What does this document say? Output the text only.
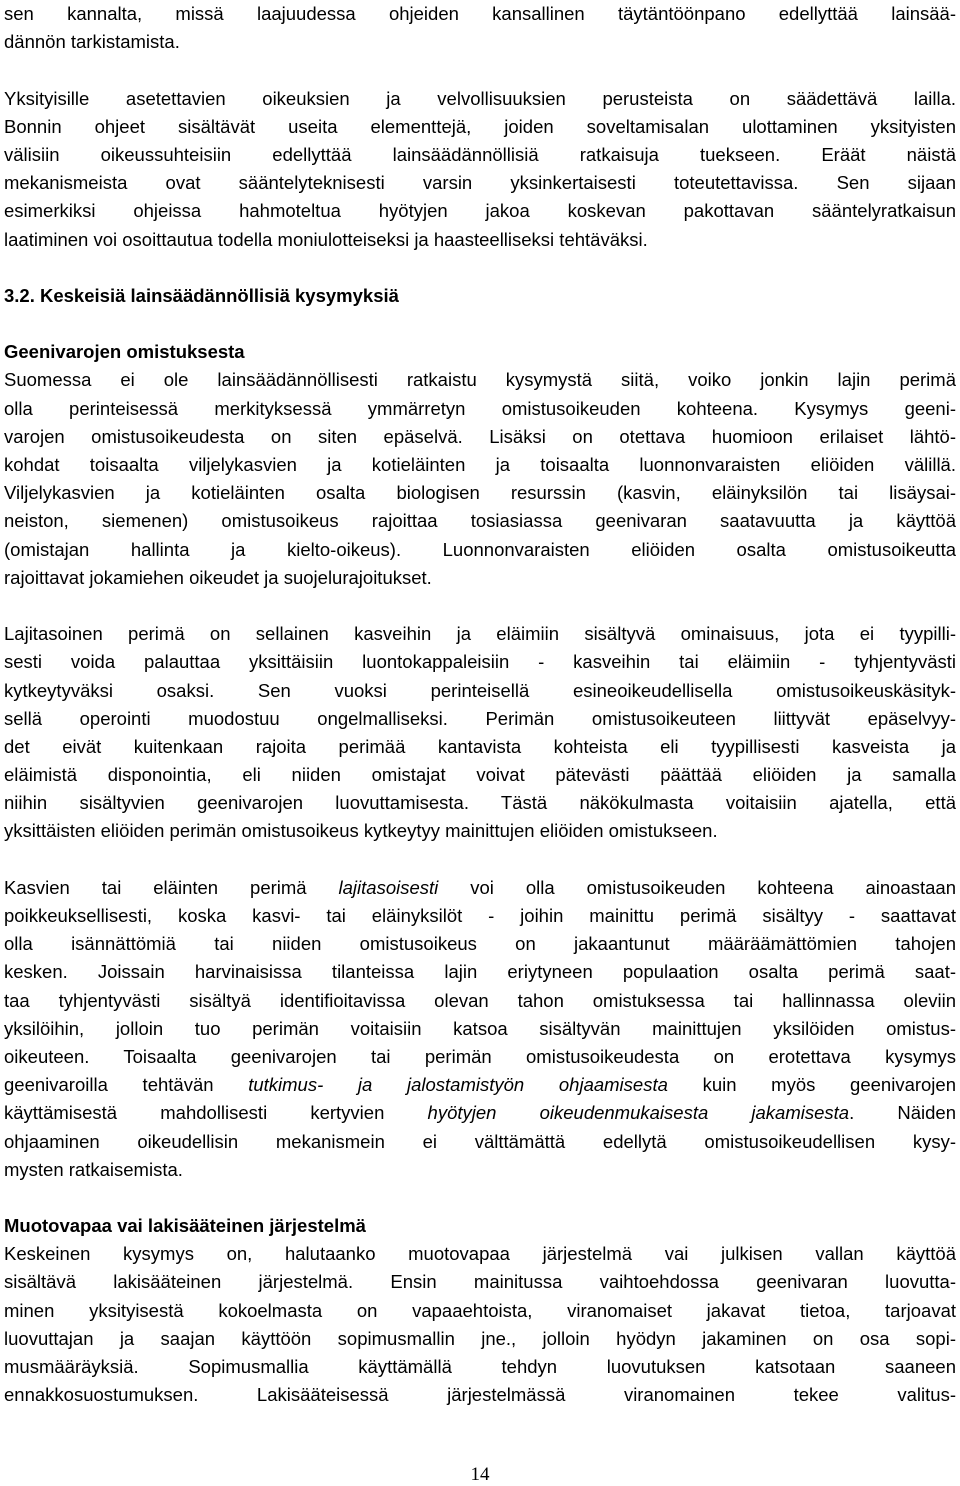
sen kannalta, missä laajuudessa ohjeiden kansallinen täytäntöönpano edellyttää lainsää-
dännön tarkistamista.
Yksityisille asetettavien oikeuksien ja velvollisuuksien perusteista on säädettävä lailla.
Bonnin ohjeet sisältävät useita elementtejä, joiden soveltamisalan ulottaminen yksityisten
välisiin oikeussuhteisiin edellyttää lainsäädännöllisiä ratkaisuja tuekseen. Eräät näistä
mekanismeista ovat sääntelyteknisesti varsin yksinkertaisesti toteutettavissa. Sen sijaan
esimerkiksi ohjeissa hahmoteltua hyötyjen jakoa koskevan pakottavan sääntelyratkaisun
laatiminen voi osoittautua todella moniulotteiseksi ja haasteelliseksi tehtäväksi.
3.2. Keskeisiä lainsäädännöllisiä kysymyksiä
Geenivarojen omistuksesta
Suomessa ei ole lainsäädännöllisesti ratkaistu kysymystä siitä, voiko jonkin lajin perimä
olla perinteisessä merkityksessä ymmärretyn omistusoikeuden kohteena. Kysymys geeni-
varojen omistusoikeudesta on siten epäselvä. Lisäksi on otettava huomioon erilaiset lähtö-
kohdat toisaalta viljelykasvien ja kotieläinten ja toisaalta luonnonvaraisten eliöiden välillä.
Viljelykasvien ja kotieläinten osalta biologisen resurssin (kasvin, eläinyksilön tai lisäysai-
neiston, siemenen) omistusoikeus rajoittaa tosiasiassa geenivaran saatavuutta ja käyttöä
(omistajan hallinta ja kielto-oikeus). Luonnonvaraisten eliöiden osalta omistusoikeutta
rajoittavat jokamiehen oikeudet ja suojelurajoitukset.
Lajitasoinen perimä on sellainen kasveihin ja eläimiin sisältyvä ominaisuus, jota ei tyypilli-
sesti voida palauttaa yksittäisiin luontokappaleisiin - kasveihin tai eläimiin - tyhjentyvästi
kytkeytyväksi osaksi. Sen vuoksi perinteisellä esineoikeudellisella omistusoikeuskäsityk-
sellä operointi muodostuu ongelmalliseksi. Perimän omistusoikeuteen liittyvät epäselvyy-
det eivät kuitenkaan rajoita perimää kantavista kohteista eli tyypillisesti kasveista ja
eläimistä disponointia, eli niiden omistajat voivat pätevästi päättää eliöiden ja samalla
niihin sisältyvien geenivarojen luovuttamisesta. Tästä näkökulmasta voitaisiin ajatella, että
yksittäisten eliöiden perimän omistusoikeus kytkeytyy mainittujen eliöiden omistukseen.
Kasvien tai eläinten perimä lajitasoisesti voi olla omistusoikeuden kohteena ainoastaan
poikkeuksellisesti, koska kasvi- tai eläinyksilöt - joihin mainittu perimä sisältyy - saattavat
olla isännättömiä tai niiden omistusoikeus on jakaantunut määräämättömien tahojen
kesken. Joissain harvinaisissa tilanteissa lajin eriytyneen populaation osalta perimä saat-
taa tyhjentyvästi sisältyä identifioitavissa olevan tahon omistuksessa tai hallinnassa oleviin
yksilöihin, jolloin tuo perimän voitaisiin katsoa sisältyvän mainittujen yksilöiden omistus-
oikeuteen. Toisaalta geenivarojen tai perimän omistusoikeudesta on erotettava kysymys
geenivaroilla tehtävän tutkimus- ja jalostamistyön ohjaamisesta kuin myös geenivarojen
käyttämisestä mahdollisesti kertyvien hyötyjen oikeudenmukaisesta jakamisesta. Näiden
ohjaaminen oikeudellisin mekanismein ei välttämättä edellytä omistusoikeudellisen kysy-
mysten ratkaisemista.
Muotovapaa vai lakisääteinen järjestelmä
Keskeinen kysymys on, halutaanko muotovapaa järjestelmä vai julkisen vallan käyttöä
sisältävä lakisääteinen järjestelmä. Ensin mainitussa vaihtoehdossa geenivaran luovutta-
minen yksityisestä kokoelmasta on vapaaehtoista, viranomaiset jakavat tietoa, tarjoavat
luovuttajan ja saajan käyttöön sopimusmallin jne., jolloin hyödyn jakaminen on osa sopi-
musmääräyksiä. Sopimusmallia käyttämällä tehdyn luovutuksen katsotaan saaneen
ennakkosuostumuksen. Lakisääteisessä järjestelmässä viranomainen tekee valitus-
14
